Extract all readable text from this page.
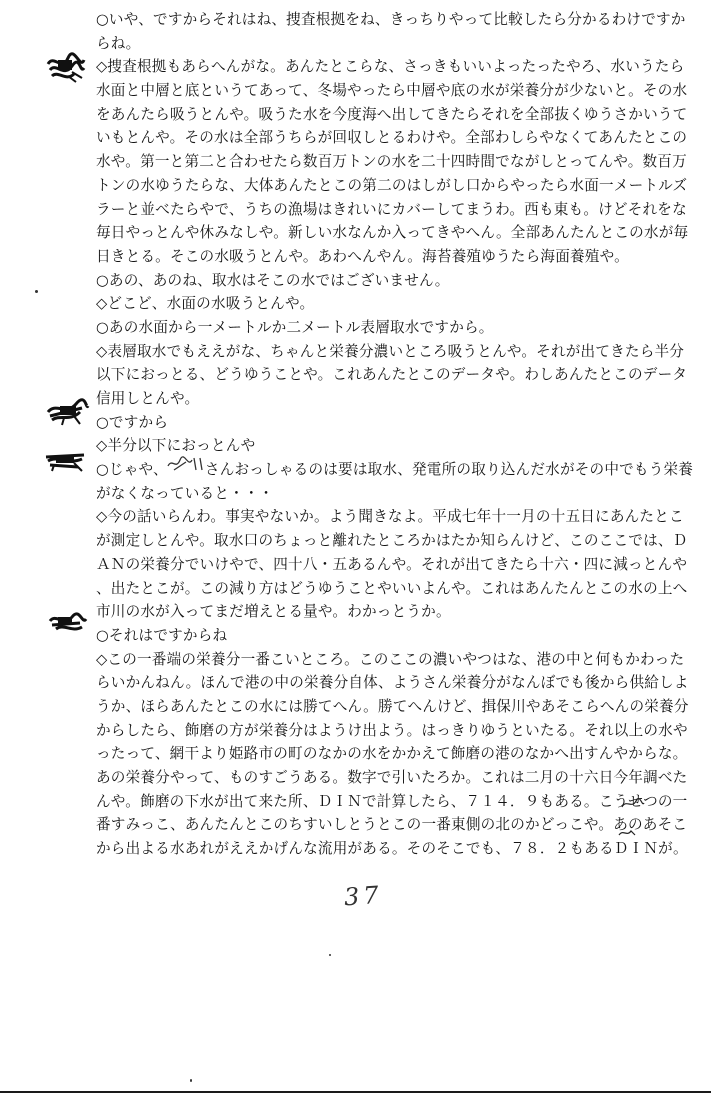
○いや、ですからそれはね、捜査根拠をね、きっちりやって比較したら分かるわけですか
らね。
◇捜査根拠もあらへんがな。あんたとこらな、さっきもいいよったったやろ、水いうたら
水面と中層と底というてあって、冬場やったら中層や底の水が栄養分が少ないと。その水
をあんたら吸うとんや。吸うた水を今度海へ出してきたらそれを全部抜くゆうさかいうて
いもとんや。その水は全部うちらが回収しとるわけや。全部わしらやなくてあんたとこの
水や。第一と第二と合わせたら数百万トンの水を二十四時間でながしとってんや。数百万
トンの水ゆうたらな、大体あんたとこの第二のはしがし口からやったら水面一メートルズ
ラーと並べたらやで、うちの漁場はきれいにカバーしてまうわ。西も東も。けどそれをな
毎日やっとんや休みなしや。新しい水なんか入ってきやへん。全部あんたんとこの水が毎
日きとる。そこの水吸うとんや。あわへんやん。海苔養殖ゆうたら海面養殖や。
○あの、あのね、取水はそこの水ではございません。
◇どこど、水面の水吸うとんや。
○あの水面から一メートルか二メートル表層取水ですから。
◇表層取水でもええがな、ちゃんと栄養分濃いところ吸うとんや。それが出てきたら半分
以下におっとる、どうゆうことや。これあんたとこのデータや。わしあんたとこのデータ
信用しとんや。
○ですから
◇半分以下におっとんや
○じゃや、　　　さんおっしゃるのは要は取水、発電所の取り込んだ水がその中でもう栄養
がなくなっていると・・・
◇今の話いらんわ。事実やないか。よう聞きなよ。平成七年十一月の十五日にあんたとこ
が測定しとんや。取水口のちょっと離れたところかはたか知らんけど、このここでは、Ｄ
ＡＮの栄養分でいけやで、四十八・五あるんや。それが出てきたら十六・四に減っとんや
、出たとこが。この減り方はどうゆうことやいいよんや。これはあんたんとこの水の上へ
市川の水が入ってまだ増えとる量や。わかっとうか。
○それはですからね
◇この一番端の栄養分一番こいところ。このここの濃いやつはな、港の中と何もかわった
らいかんねん。ほんで港の中の栄養分自体、ようさん栄養分がなんぼでも後から供給しよ
うか、ほらあんたとこの水には勝てへん。勝てへんけど、揖保川やあそこらへんの栄養分
からしたら、飾磨の方が栄養分はようけ出よう。はっきりゆうといたる。それ以上の水や
ったって、網干より姫路市の町のなかの水をかかえて飾磨の港のなかへ出すんやからな。
あの栄養分やって、ものすごうある。数字で引いたろか。これは二月の十六日今年調べた
んや。飾磨の下水が出て来た所、ＤＩＮで計算したら、７１４．９もある。こうせつの一
番すみっこ、あんたんとこのちすいしとうとこの一番東側の北のかどっこや。あのあそこ
から出よる水あれがええかげんな流用がある。そのそこでも、７８．２もあるＤＩＮが。
37
